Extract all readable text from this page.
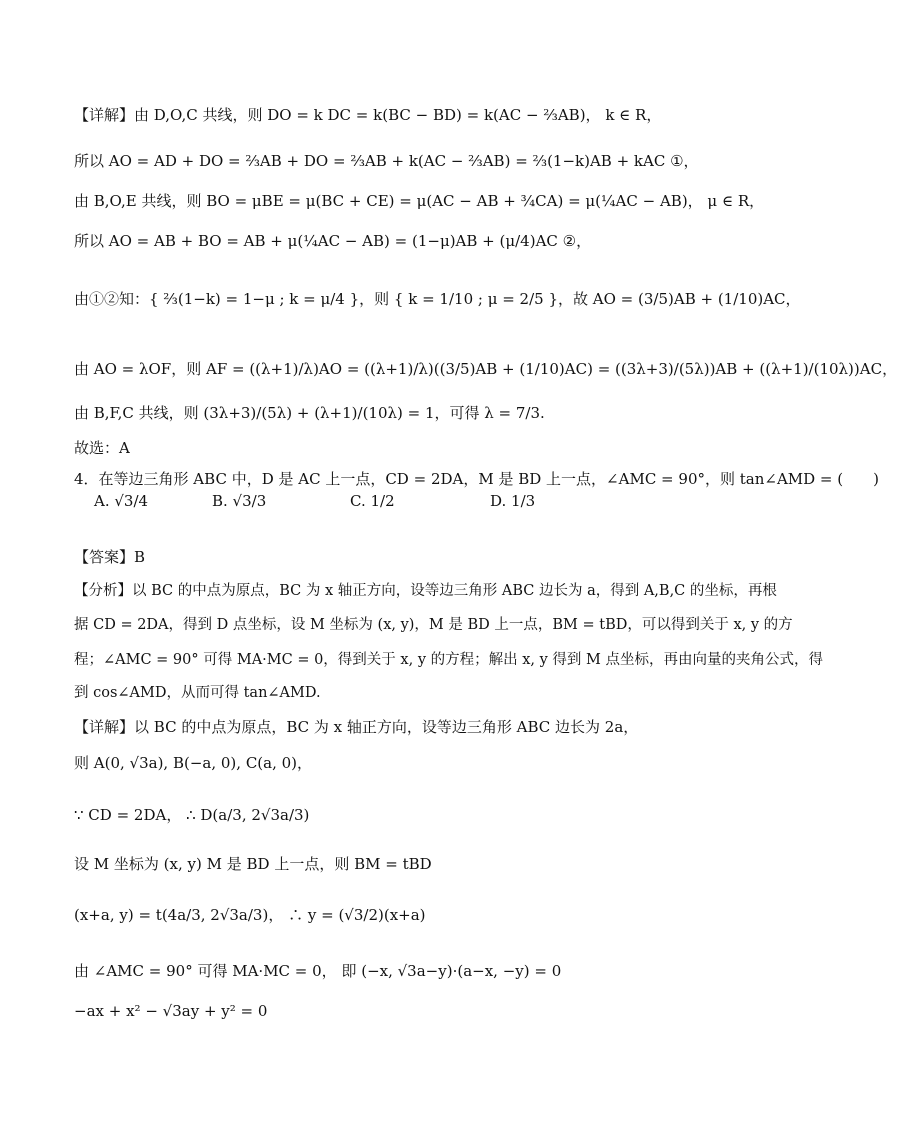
【详解】由 D,O,C 共线，则 DO = k DC = k(BC − BD) = k(AC − ⅔AB)， k ∈ R，
所以 AO = AD + DO = ⅔AB + DO = ⅔AB + k(AC − ⅔AB) = ⅔(1−k)AB + kAC ①，
由 B,O,E 共线，则 BO = μBE = μ(BC + CE) = μ(AC − AB + ¾CA) = μ(¼AC − AB)， μ ∈ R，
所以 AO = AB + BO = AB + μ(¼AC − AB) = (1−μ)AB + (μ/4)AC ②，
由①②知：{ ⅔(1−k) = 1−μ ; k = μ/4 }，则 { k = 1/10 ; μ = 2/5 }，故 AO = (3/5)AB + (1/10)AC，
由 AO = λOF，则 AF = ((λ+1)/λ)AO = ((λ+1)/λ)((3/5)AB + (1/10)AC) = ((3λ+3)/(5λ))AB + ((λ+1)/(10λ))AC，
由 B,F,C 共线，则 (3λ+3)/(5λ) + (λ+1)/(10λ) = 1，可得 λ = 7/3.
故选：A
4．在等边三角形 ABC 中，D 是 AC 上一点，CD = 2DA，M 是 BD 上一点，∠AMC = 90°，则 tan∠AMD = (　　)
A. √3/4	B. √3/3	C. 1/2	D. 1/3
【答案】B
【分析】以 BC 的中点为原点，BC 为 x 轴正方向，设等边三角形 ABC 边长为 a，得到 A,B,C 的坐标，再根
据 CD = 2DA，得到 D 点坐标，设 M 坐标为 (x, y)，M 是 BD 上一点，BM = tBD，可以得到关于 x, y 的方
程；∠AMC = 90° 可得 MA·MC = 0，得到关于 x, y 的方程；解出 x, y 得到 M 点坐标，再由向量的夹角公式，得
到 cos∠AMD，从而可得 tan∠AMD.
【详解】以 BC 的中点为原点，BC 为 x 轴正方向，设等边三角形 ABC 边长为 2a，
则 A(0, √3a), B(−a, 0), C(a, 0)，
∵ CD = 2DA， ∴ D(a/3, 2√3a/3)
设 M 坐标为 (x, y) M 是 BD 上一点，则 BM = tBD
(x+a, y) = t(4a/3, 2√3a/3)， ∴ y = (√3/2)(x+a)
由 ∠AMC = 90° 可得 MA·MC = 0， 即 (−x, √3a−y)·(a−x, −y) = 0
−ax + x² − √3ay + y² = 0
